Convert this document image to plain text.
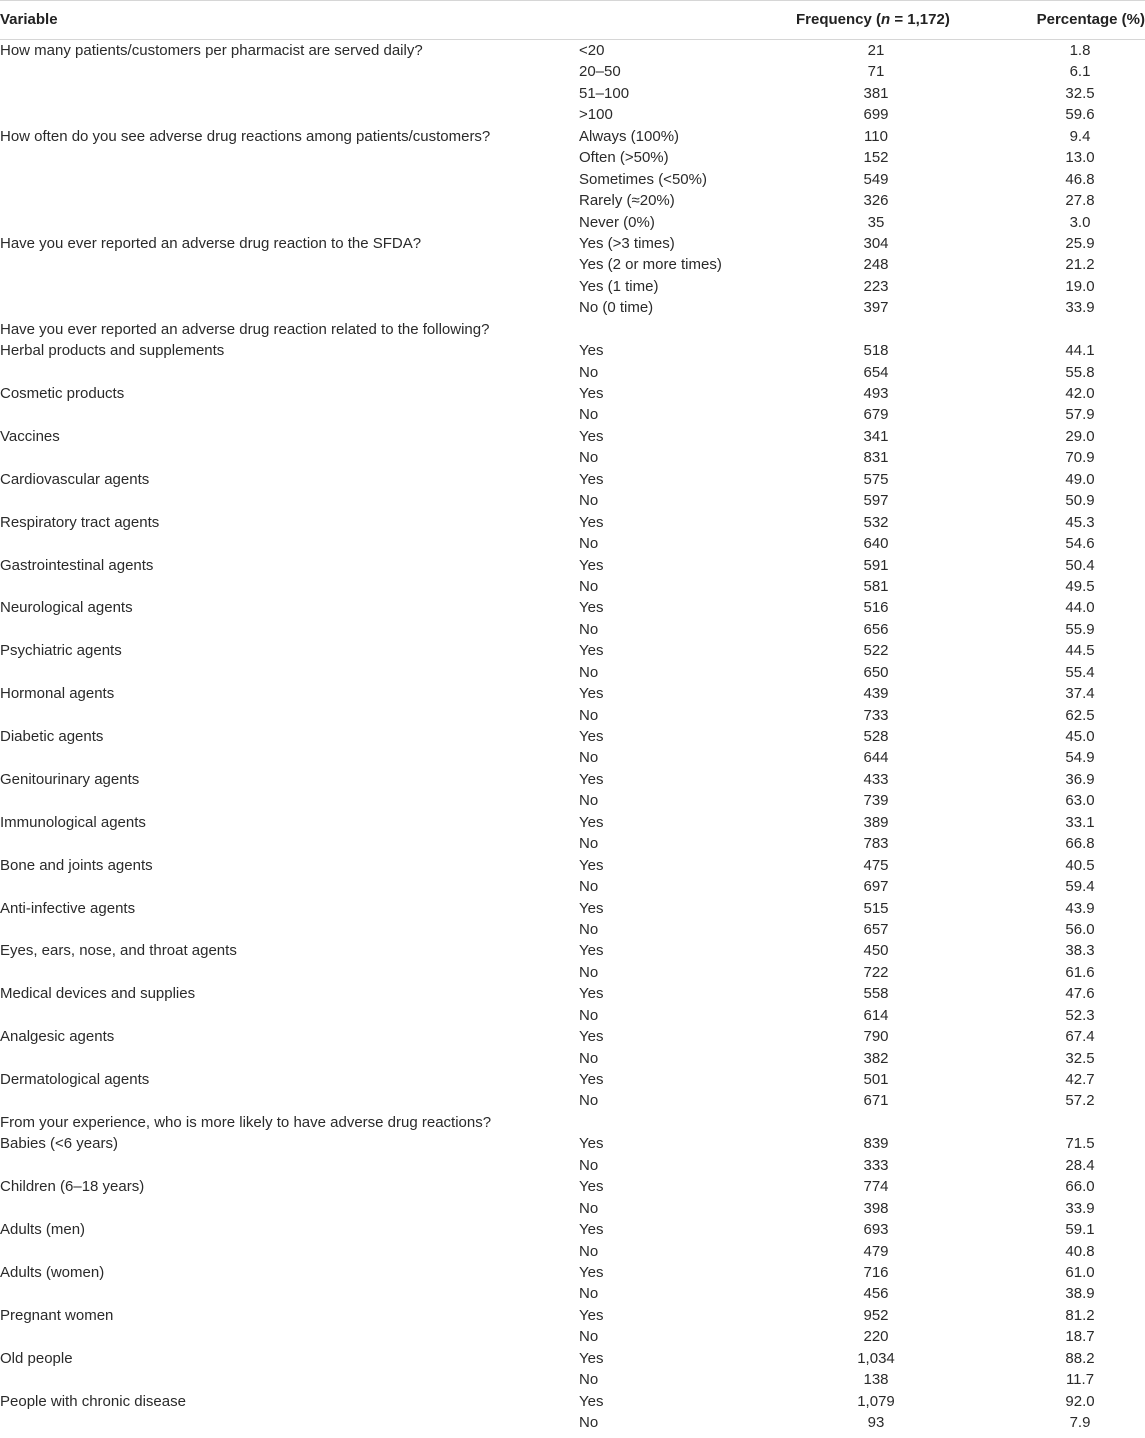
Variable	Frequency (n = 1,172)	Percentage (%)
How many patients/customers per pharmacist are served daily?	<20	21	1.8
20–50	71	6.1
51–100	381	32.5
>100	699	59.6
How often do you see adverse drug reactions among patients/customers?	Always (100%)	110	9.4
Often (>50%)	152	13.0
Sometimes (<50%)	549	46.8
Rarely (≈20%)	326	27.8
Never (0%)	35	3.0
Have you ever reported an adverse drug reaction to the SFDA?	Yes (>3 times)	304	25.9
Yes (2 or more times)	248	21.2
Yes (1 time)	223	19.0
No (0 time)	397	33.9
Have you ever reported an adverse drug reaction related to the following?
Herbal products and supplements	Yes	518	44.1
No	654	55.8
Cosmetic products	Yes	493	42.0
No	679	57.9
Vaccines	Yes	341	29.0
No	831	70.9
Cardiovascular agents	Yes	575	49.0
No	597	50.9
Respiratory tract agents	Yes	532	45.3
No	640	54.6
Gastrointestinal agents	Yes	591	50.4
No	581	49.5
Neurological agents	Yes	516	44.0
No	656	55.9
Psychiatric agents	Yes	522	44.5
No	650	55.4
Hormonal agents	Yes	439	37.4
No	733	62.5
Diabetic agents	Yes	528	45.0
No	644	54.9
Genitourinary agents	Yes	433	36.9
No	739	63.0
Immunological agents	Yes	389	33.1
No	783	66.8
Bone and joints agents	Yes	475	40.5
No	697	59.4
Anti-infective agents	Yes	515	43.9
No	657	56.0
Eyes, ears, nose, and throat agents	Yes	450	38.3
No	722	61.6
Medical devices and supplies	Yes	558	47.6
No	614	52.3
Analgesic agents	Yes	790	67.4
No	382	32.5
Dermatological agents	Yes	501	42.7
No	671	57.2
From your experience, who is more likely to have adverse drug reactions?
Babies (<6 years)	Yes	839	71.5
No	333	28.4
Children (6–18 years)	Yes	774	66.0
No	398	33.9
Adults (men)	Yes	693	59.1
No	479	40.8
Adults (women)	Yes	716	61.0
No	456	38.9
Pregnant women	Yes	952	81.2
No	220	18.7
Old people	Yes	1,034	88.2
No	138	11.7
People with chronic disease	Yes	1,079	92.0
No	93	7.9
